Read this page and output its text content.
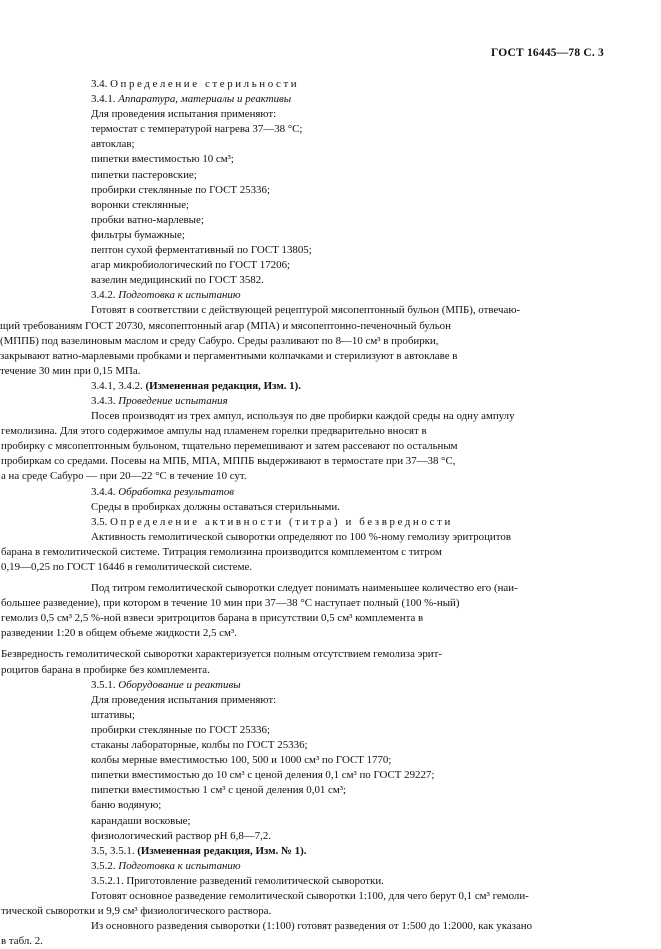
ГОСТ 16445—78 С. 3
3.4. Определение стерильности
3.4.1. Аппаратура, материалы и реактивы
Для проведения испытания применяют:
термостат с температурой нагрева 37—38 °С;
автоклав;
пипетки вместимостью 10 см³;
пипетки пастеровские;
пробирки стеклянные по ГОСТ 25336;
воронки стеклянные;
пробки ватно-марлевые;
фильтры бумажные;
пептон сухой ферментативный по ГОСТ 13805;
агар микробиологический по ГОСТ 17206;
вазелин медицинский по ГОСТ 3582.
3.4.2. Подготовка к испытанию
Готовят в соответствии с действующей рецептурой мясопептонный бульон (МПБ), отвечаю-
щий требованиям ГОСТ 20730, мясопептонный агар (МПА) и мясопептонно-печеночный бульон
(МППБ) под вазелиновым маслом и среду Сабуро. Среды разливают по 8—10 см³ в пробирки,
закрывают ватно-марлевыми пробками и пергаментными колпачками и стерилизуют в автоклаве в
течение 30 мин при 0,15 МПа.
3.4.1, 3.4.2. (Измененная редакция, Изм. 1).
3.4.3. Проведение испытания
Посев производят из трех ампул, используя по две пробирки каждой среды на одну ампулу
гемолизина. Для этого содержимое ампулы над пламенем горелки предварительно вносят в
пробирку с мясопептонным бульоном, тщательно перемешивают и затем рассевают по остальным
пробиркам со средами. Посевы на МПБ, МПА, МППБ выдерживают в термостате при 37—38 °С,
а на среде Сабуро — при 20—22 °С в течение 10 сут.
3.4.4. Обработка результатов
Среды в пробирках должны оставаться стерильными.
3.5. Определение активности (титра) и безвредности
Активность гемолитической сыворотки определяют по 100 %-ному гемолизу эритроцитов
барана в гемолитической системе. Титрация гемолизина производится комплементом с титром
0,19—0,25 по ГОСТ 16446 в гемолитической системе.
Под титром гемолитической сыворотки следует понимать наименьшее количество его (наи-
большее разведение), при котором в течение 10 мин при 37—38 °С наступает полный (100 %-ный)
гемолиз 0,5 см³ 2,5 %-ной взвеси эритроцитов барана в присутствии 0,5 см³ комплемента в
разведении 1:20 в общем объеме жидкости 2,5 см³.
Безвредность гемолитической сыворотки характеризуется полным отсутствием гемолиза эрит-
роцитов барана в пробирке без комплемента.
3.5.1. Оборудование и реактивы
Для проведения испытания применяют:
штативы;
пробирки стеклянные по ГОСТ 25336;
стаканы лабораторные, колбы по ГОСТ 25336;
колбы мерные вместимостью 100, 500 и 1000 см³ по ГОСТ 1770;
пипетки вместимостью до 10 см³ с ценой деления 0,1 см³ по ГОСТ 29227;
пипетки вместимостью 1 см³ с ценой деления 0,01 см³;
баню водяную;
карандаши восковые;
физиологический раствор рН 6,8—7,2.
3.5, 3.5.1. (Измененная редакция, Изм. № 1).
3.5.2. Подготовка к испытанию
3.5.2.1. Приготовление разведений гемолитической сыворотки.
Готовят основное разведение гемолитической сыворотки 1:100, для чего берут 0,1 см³ гемоли-
тической сыворотки и 9,9 см³ физиологического раствора.
Из основного разведения сыворотки (1:100) готовят разведения от 1:500 до 1:2000, как указано
в табл. 2.
